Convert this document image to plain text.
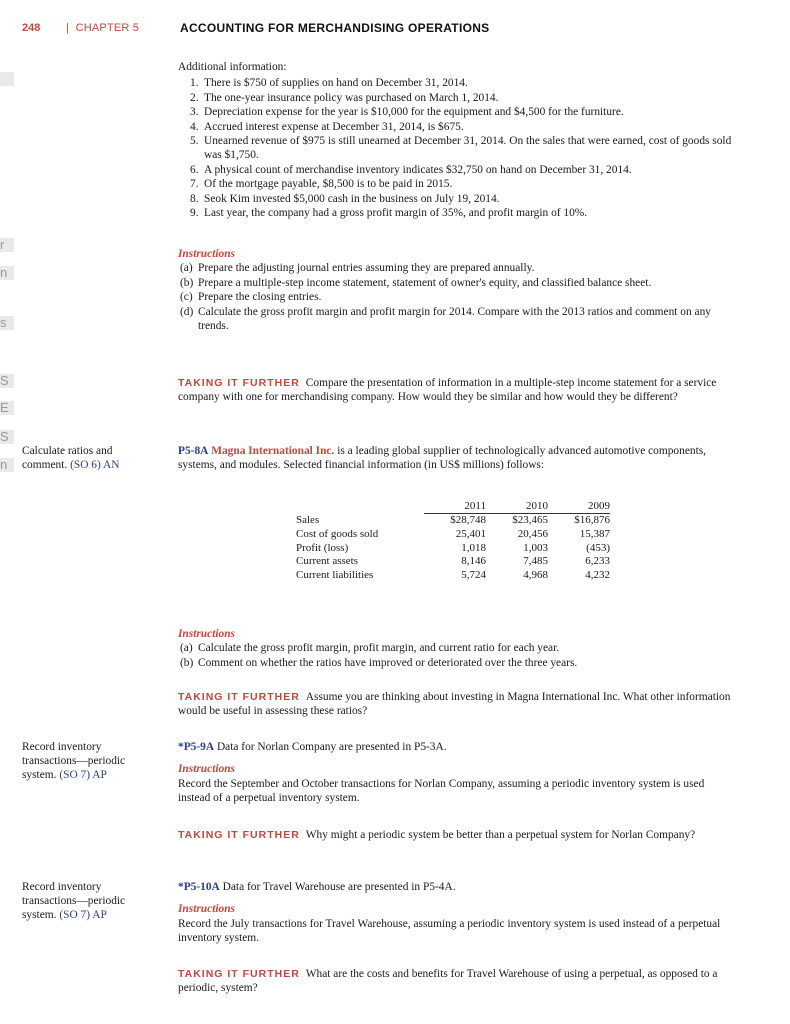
r
n
s
S
E
S
n
248 |  CHAPTER 5	ACCOUNTING FOR MERCHANDISING OPERATIONS
Additional information:
1. There is $750 of supplies on hand on December 31, 2014.
2. The one-year insurance policy was purchased on March 1, 2014.
3. Depreciation expense for the year is $10,000 for the equipment and $4,500 for the furniture.
4. Accrued interest expense at December 31, 2014, is $675.
5. Unearned revenue of $975 is still unearned at December 31, 2014. On the sales that were earned, cost of goods sold was $1,750.
6. A physical count of merchandise inventory indicates $32,750 on hand on December 31, 2014.
7. Of the mortgage payable, $8,500 is to be paid in 2015.
8. Seok Kim invested $5,000 cash in the business on July 19, 2014.
9. Last year, the company had a gross profit margin of 35%, and profit margin of 10%.
Instructions
(a) Prepare the adjusting journal entries assuming they are prepared annually.
(b) Prepare a multiple-step income statement, statement of owner's equity, and classified balance sheet.
(c) Prepare the closing entries.
(d) Calculate the gross profit margin and profit margin for 2014. Compare with the 2013 ratios and comment on any trends.
TAKING IT FURTHER Compare the presentation of information in a multiple-step income statement for a service company with one for merchandising company. How would they be similar and how would they be different?
Calculate ratios and comment. (SO 6) AN
P5-8A Magna International Inc. is a leading global supplier of technologically advanced automotive components, systems, and modules. Selected financial information (in US$ millions) follows:
	2011	2010	2009
Sales	$28,748	$23,465	$16,876
Cost of goods sold	25,401	20,456	15,387
Profit (loss)	1,018	1,003	(453)
Current assets	8,146	7,485	6,233
Current liabilities	5,724	4,968	4,232
Instructions
(a) Calculate the gross profit margin, profit margin, and current ratio for each year.
(b) Comment on whether the ratios have improved or deteriorated over the three years.
TAKING IT FURTHER Assume you are thinking about investing in Magna International Inc. What other information would be useful in assessing these ratios?
Record inventory transactions—periodic system. (SO 7) AP
*P5-9A Data for Norlan Company are presented in P5-3A.
Instructions
Record the September and October transactions for Norlan Company, assuming a periodic inventory system is used instead of a perpetual inventory system.
TAKING IT FURTHER Why might a periodic system be better than a perpetual system for Norlan Company?
Record inventory transactions—periodic system. (SO 7) AP
*P5-10A Data for Travel Warehouse are presented in P5-4A.
Instructions
Record the July transactions for Travel Warehouse, assuming a periodic inventory system is used instead of a perpetual inventory system.
TAKING IT FURTHER What are the costs and benefits for Travel Warehouse of using a perpetual, as opposed to a periodic, system?
